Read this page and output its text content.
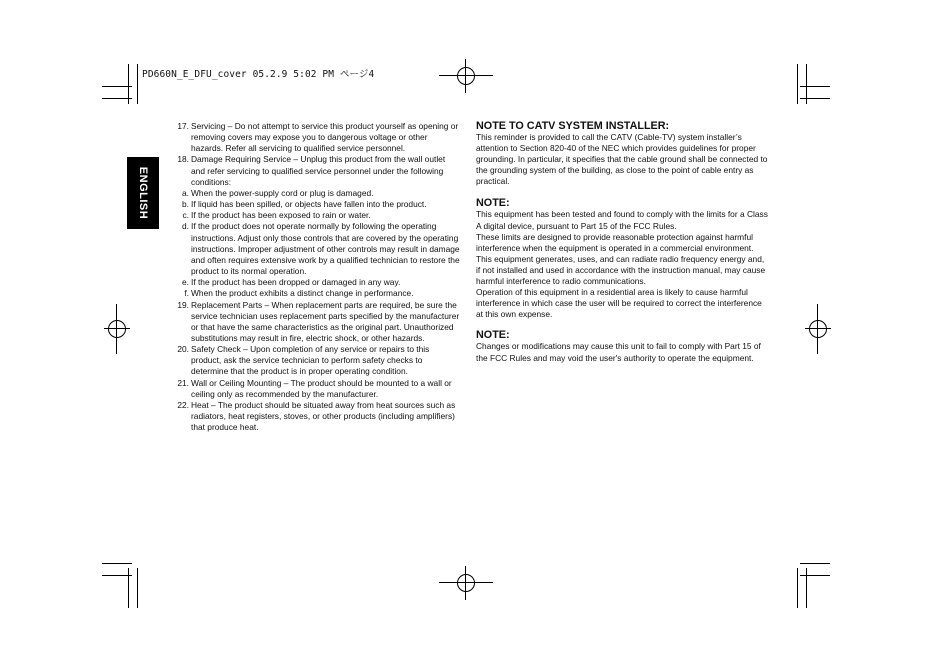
PD660N_E_DFU_cover 05.2.9 5:02 PM ページ4
ENGLISH
17. Servicing – Do not attempt to service this product yourself as opening or removing covers may expose you to dangerous voltage or other hazards. Refer all servicing to qualified service personnel.
18. Damage Requiring Service – Unplug this product from the wall outlet and refer servicing to qualified service personnel under the following conditions:
a. When the power-supply cord or plug is damaged.
b. If liquid has been spilled, or objects have fallen into the product.
c. If the product has been exposed to rain or water.
d. If the product does not operate normally by following the operating instructions. Adjust only those controls that are covered by the operating instructions. Improper adjustment of other controls may result in damage and often requires extensive work by a qualified technician to restore the product to its normal operation.
e. If the product has been dropped or damaged in any way.
f. When the product exhibits a distinct change in performance.
19. Replacement Parts – When replacement parts are required, be sure the service technician uses replacement parts specified by the manufacturer or that have the same characteristics as the original part. Unauthorized substitutions may result in fire, electric shock, or other hazards.
20. Safety Check – Upon completion of any service or repairs to this product, ask the service technician to perform safety checks to determine that the product is in proper operating condition.
21. Wall or Ceiling Mounting – The product should be mounted to a wall or ceiling only as recommended by the manufacturer.
22. Heat – The product should be situated away from heat sources such as radiators, heat registers, stoves, or other products (including amplifiers) that produce heat.
NOTE TO CATV SYSTEM INSTALLER:

This reminder is provided to call the CATV (Cable-TV) system installer’s attention to Section 820-40 of the NEC which provides guidelines for proper grounding. In particular, it specifies that the cable ground shall be connected to the grounding system of the building, as close to the point of cable entry as practical.

NOTE:

This equipment has been tested and found to comply with the limits for a Class A digital device, pursuant to Part 15 of the FCC Rules.

These limits are designed to provide reasonable protection against harmful interference when the equipment is operated in a commercial environment.

This equipment generates, uses, and can radiate radio frequency energy and, if not installed and used in accordance with the instruction manual, may cause harmful interference to radio communications.

Operation of this equipment in a residential area is likely to cause harmful interference in which case the user will be required to correct the interference at this own expense.

NOTE:

Changes or modifications may cause this unit to fail to comply with Part 15 of the FCC Rules and may void the user's authority to operate the equipment.
